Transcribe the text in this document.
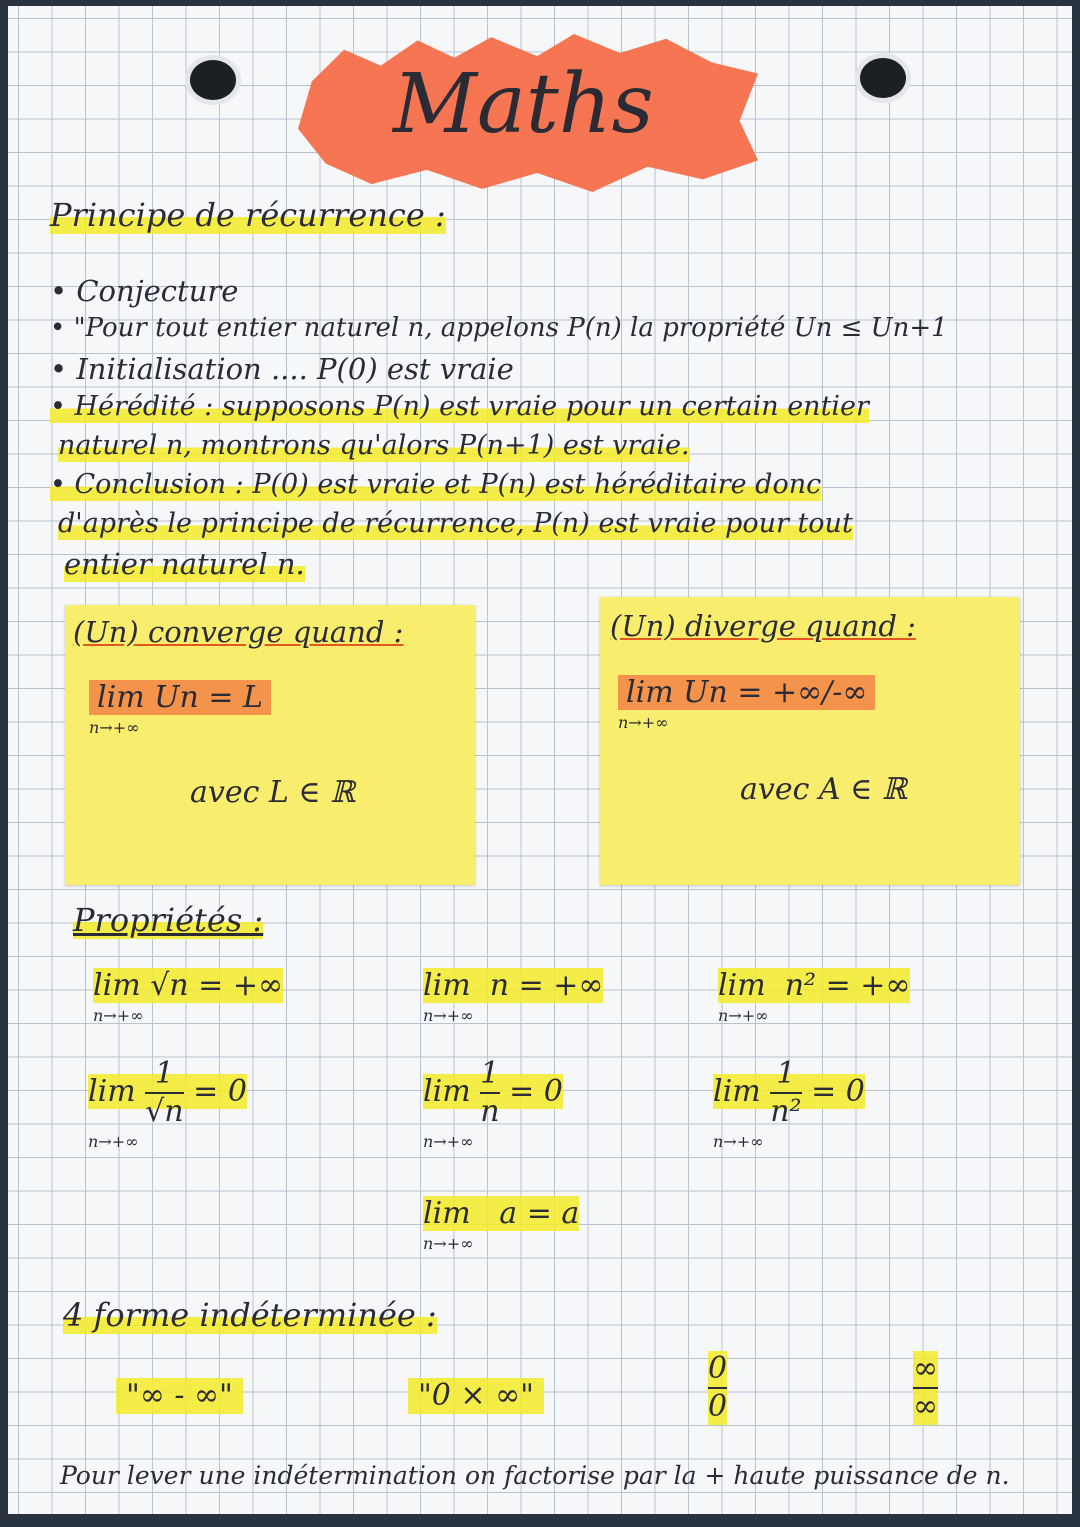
Maths
Principe de récurrence :
• Conjecture
• "Pour tout entier naturel n, appelons P(n) la propriété Un ≤ Un+1
• Initialisation .... P(0) est vraie
• Hérédité : supposons P(n) est vraie pour un certain entier
naturel n, montrons qu'alors P(n+1) est vraie.
• Conclusion : P(0) est vraie et P(n) est héréditaire donc
d'après le principe de récurrence, P(n) est vraie pour tout
entier naturel n.
(Un) converge quand :
lim Un = L
n→+∞
avec L ∈ ℝ
(Un) diverge quand :
lim Un = +∞/-∞
n→+∞
avec A ∈ ℝ
Propriétés :
lim √n = +∞
n→+∞
lim n = +∞
n→+∞
lim n² = +∞
n→+∞
$\lim \frac{1}{√n} = 0$
n→+∞
$\lim \frac{1}{n} = 0$
n→+∞
$\lim \frac{1}{\text{n²}} = 0$
n→+∞
lim a = a
n→+∞
4 forme indéterminée :
"∞ - ∞"	"0 × ∞"	$\frac{0}{0}$	$\frac{\infty}{\infty}$
Pour lever une indétermination on factorise par la + haute puissance de n.
